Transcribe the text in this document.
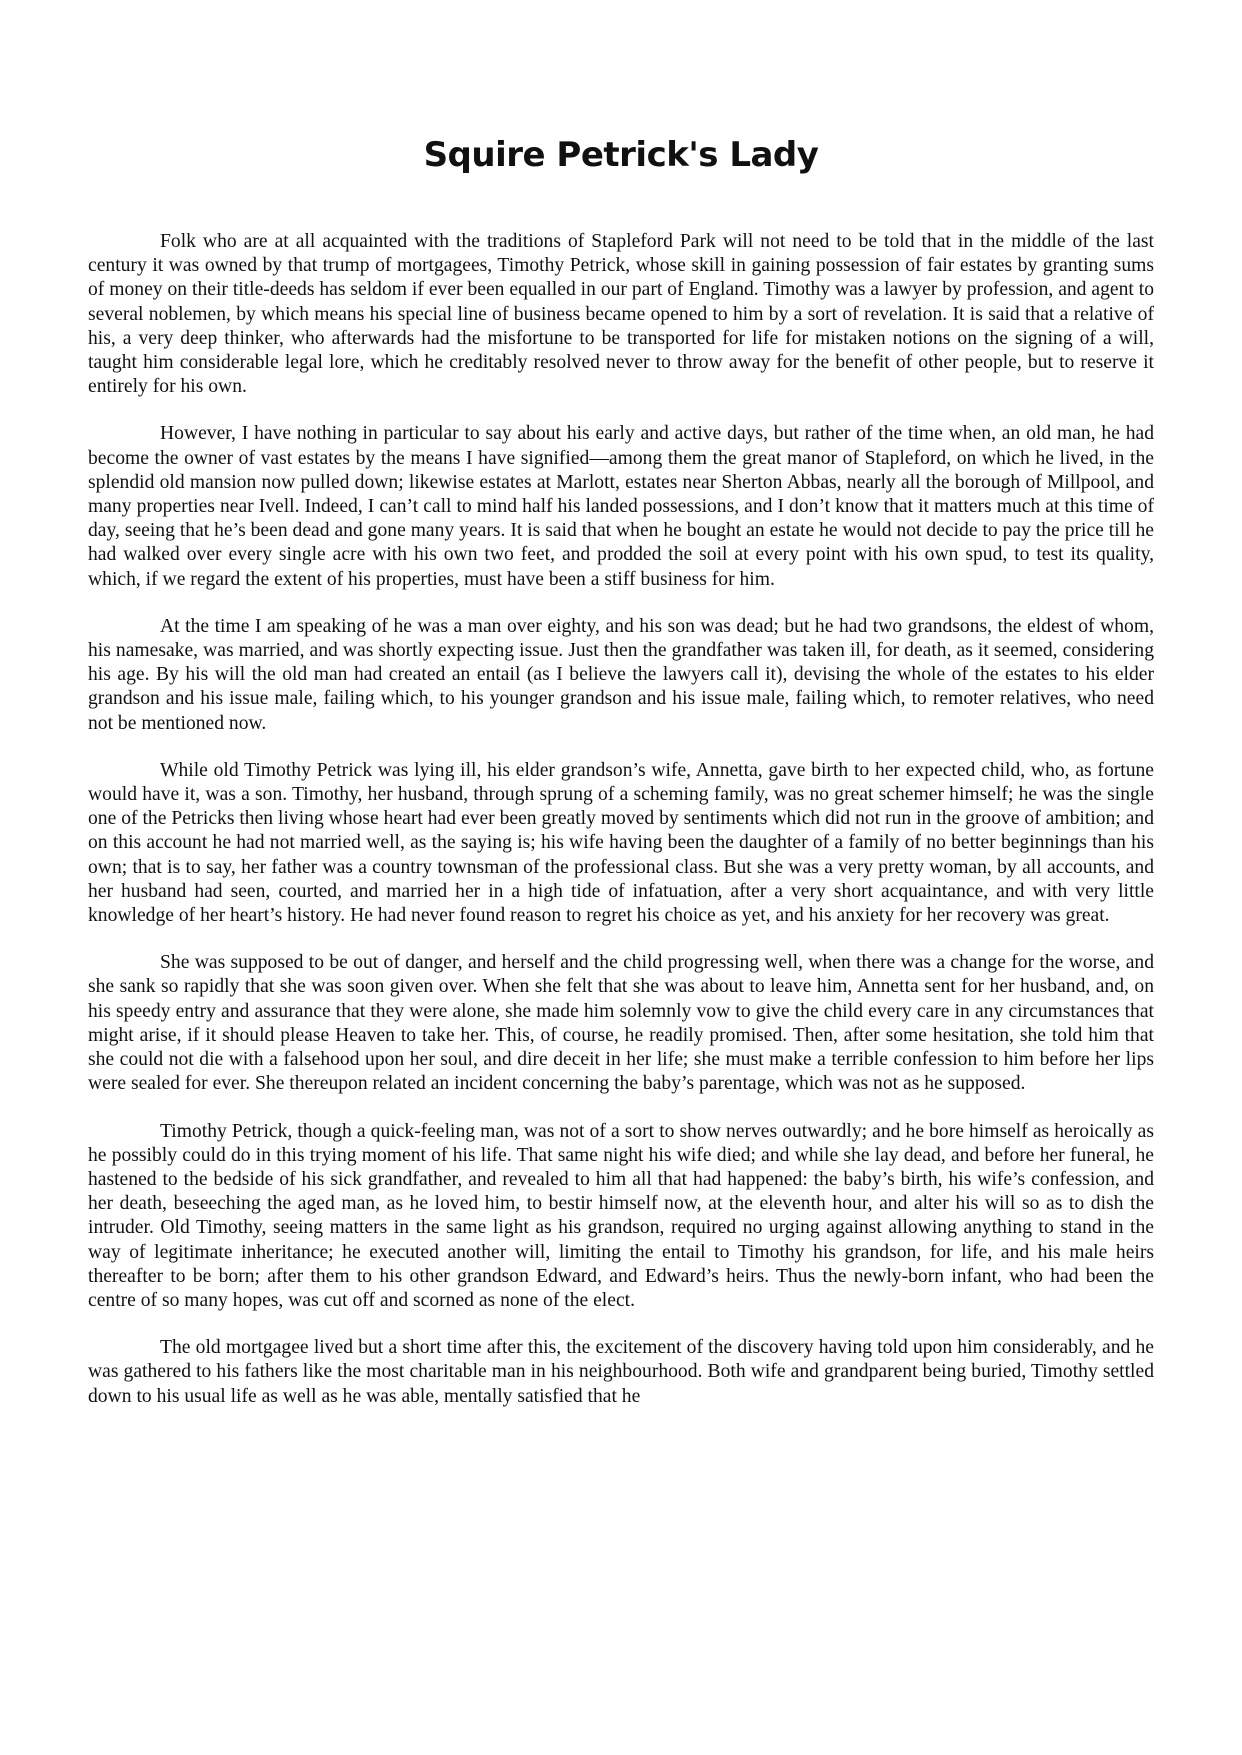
Squire Petrick's Lady

Folk who are at all acquainted with the traditions of Stapleford Park will not need to be told that in the middle of the last century it was owned by that trump of mortgagees, Timothy Petrick, whose skill in gaining possession of fair estates by granting sums of money on their title-deeds has seldom if ever been equalled in our part of England. Timothy was a lawyer by profession, and agent to several noblemen, by which means his special line of business became opened to him by a sort of revelation. It is said that a relative of his, a very deep thinker, who afterwards had the misfortune to be transported for life for mistaken notions on the signing of a will, taught him considerable legal lore, which he creditably resolved never to throw away for the benefit of other people, but to reserve it entirely for his own.

However, I have nothing in particular to say about his early and active days, but rather of the time when, an old man, he had become the owner of vast estates by the means I have signified—among them the great manor of Stapleford, on which he lived, in the splendid old mansion now pulled down; likewise estates at Marlott, estates near Sherton Abbas, nearly all the borough of Millpool, and many properties near Ivell. Indeed, I can’t call to mind half his landed possessions, and I don’t know that it matters much at this time of day, seeing that he’s been dead and gone many years. It is said that when he bought an estate he would not decide to pay the price till he had walked over every single acre with his own two feet, and prodded the soil at every point with his own spud, to test its quality, which, if we regard the extent of his properties, must have been a stiff business for him.

At the time I am speaking of he was a man over eighty, and his son was dead; but he had two grandsons, the eldest of whom, his namesake, was married, and was shortly expecting issue. Just then the grandfather was taken ill, for death, as it seemed, considering his age. By his will the old man had created an entail (as I believe the lawyers call it), devising the whole of the estates to his elder grandson and his issue male, failing which, to his younger grandson and his issue male, failing which, to remoter relatives, who need not be mentioned now.

While old Timothy Petrick was lying ill, his elder grandson’s wife, Annetta, gave birth to her expected child, who, as fortune would have it, was a son. Timothy, her husband, through sprung of a scheming family, was no great schemer himself; he was the single one of the Petricks then living whose heart had ever been greatly moved by sentiments which did not run in the groove of ambition; and on this account he had not married well, as the saying is; his wife having been the daughter of a family of no better beginnings than his own; that is to say, her father was a country townsman of the professional class. But she was a very pretty woman, by all accounts, and her husband had seen, courted, and married her in a high tide of infatuation, after a very short acquaintance, and with very little knowledge of her heart’s history. He had never found reason to regret his choice as yet, and his anxiety for her recovery was great.

She was supposed to be out of danger, and herself and the child progressing well, when there was a change for the worse, and she sank so rapidly that she was soon given over. When she felt that she was about to leave him, Annetta sent for her husband, and, on his speedy entry and assurance that they were alone, she made him solemnly vow to give the child every care in any circumstances that might arise, if it should please Heaven to take her. This, of course, he readily promised. Then, after some hesitation, she told him that she could not die with a falsehood upon her soul, and dire deceit in her life; she must make a terrible confession to him before her lips were sealed for ever. She thereupon related an incident concerning the baby’s parentage, which was not as he supposed.

Timothy Petrick, though a quick-feeling man, was not of a sort to show nerves outwardly; and he bore himself as heroically as he possibly could do in this trying moment of his life. That same night his wife died; and while she lay dead, and before her funeral, he hastened to the bedside of his sick grandfather, and revealed to him all that had happened: the baby’s birth, his wife’s confession, and her death, beseeching the aged man, as he loved him, to bestir himself now, at the eleventh hour, and alter his will so as to dish the intruder. Old Timothy, seeing matters in the same light as his grandson, required no urging against allowing anything to stand in the way of legitimate inheritance; he executed another will, limiting the entail to Timothy his grandson, for life, and his male heirs thereafter to be born; after them to his other grandson Edward, and Edward’s heirs. Thus the newly-born infant, who had been the centre of so many hopes, was cut off and scorned as none of the elect.

The old mortgagee lived but a short time after this, the excitement of the discovery having told upon him considerably, and he was gathered to his fathers like the most charitable man in his neighbourhood. Both wife and grandparent being buried, Timothy settled down to his usual life as well as he was able, mentally satisfied that he
